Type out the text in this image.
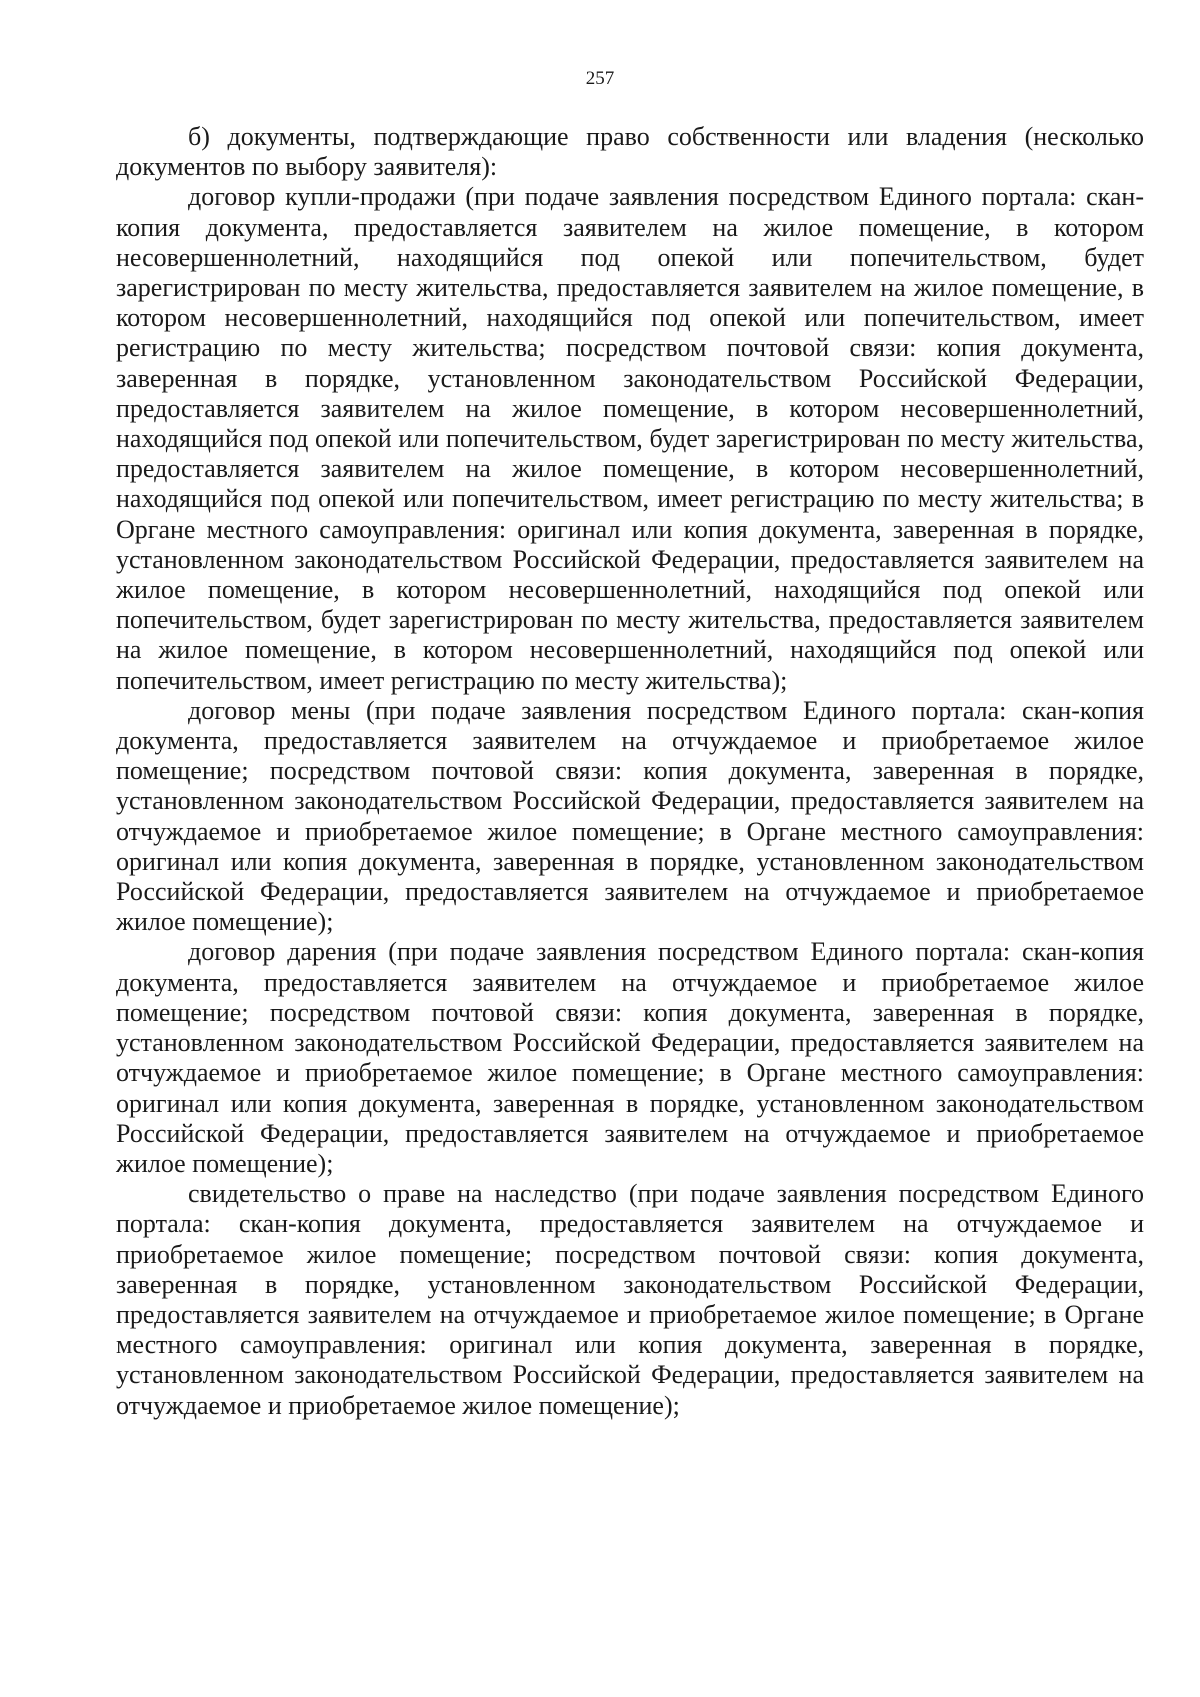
257

б) документы, подтверждающие право собственности или владения (несколько документов по выбору заявителя):

договор купли-продажи (при подаче заявления посредством Единого портала: скан-копия документа, предоставляется заявителем на жилое помещение, в котором несовершеннолетний, находящийся под опекой или попечительством, будет зарегистрирован по месту жительства, предоставляется заявителем на жилое помещение, в котором несовершеннолетний, находящийся под опекой или попечительством, имеет регистрацию по месту жительства; посредством почтовой связи: копия документа, заверенная в порядке, установленном законодательством Российской Федерации, предоставляется заявителем на жилое помещение, в котором несовершеннолетний, находящийся под опекой или попечительством, будет зарегистрирован по месту жительства, предоставляется заявителем на жилое помещение, в котором несовершеннолетний, находящийся под опекой или попечительством, имеет регистрацию по месту жительства; в Органе местного самоуправления: оригинал или копия документа, заверенная в порядке, установленном законодательством Российской Федерации, предоставляется заявителем на жилое помещение, в котором несовершеннолетний, находящийся под опекой или попечительством, будет зарегистрирован по месту жительства, предоставляется заявителем на жилое помещение, в котором несовершеннолетний, находящийся под опекой или попечительством, имеет регистрацию по месту жительства);

договор мены (при подаче заявления посредством Единого портала: скан-копия документа, предоставляется заявителем на отчуждаемое и приобретаемое жилое помещение; посредством почтовой связи: копия документа, заверенная в порядке, установленном законодательством Российской Федерации, предоставляется заявителем на отчуждаемое и приобретаемое жилое помещение; в Органе местного самоуправления: оригинал или копия документа, заверенная в порядке, установленном законодательством Российской Федерации, предоставляется заявителем на отчуждаемое и приобретаемое жилое помещение);

договор дарения (при подаче заявления посредством Единого портала: скан-копия документа, предоставляется заявителем на отчуждаемое и приобретаемое жилое помещение; посредством почтовой связи: копия документа, заверенная в порядке, установленном законодательством Российской Федерации, предоставляется заявителем на отчуждаемое и приобретаемое жилое помещение; в Органе местного самоуправления: оригинал или копия документа, заверенная в порядке, установленном законодательством Российской Федерации, предоставляется заявителем на отчуждаемое и приобретаемое жилое помещение);

свидетельство о праве на наследство (при подаче заявления посредством Единого портала: скан-копия документа, предоставляется заявителем на отчуждаемое и приобретаемое жилое помещение; посредством почтовой связи: копия документа, заверенная в порядке, установленном законодательством Российской Федерации, предоставляется заявителем на отчуждаемое и приобретаемое жилое помещение; в Органе местного самоуправления: оригинал или копия документа, заверенная в порядке, установленном законодательством Российской Федерации, предоставляется заявителем на отчуждаемое и приобретаемое жилое помещение);
